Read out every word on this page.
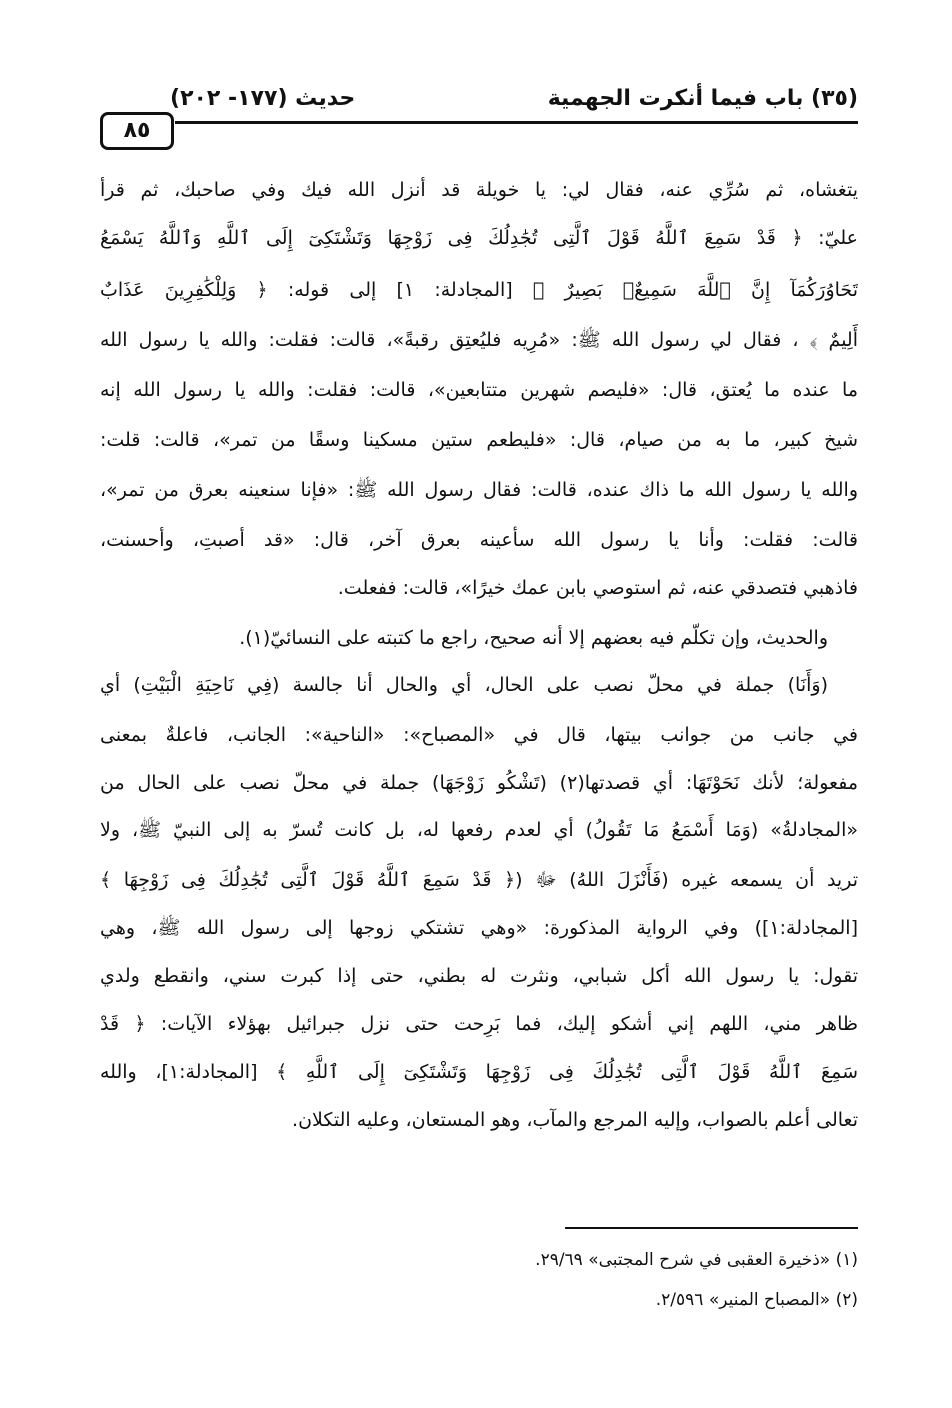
(٣٥) باب فيما أنكرت الجهمية
حديث (١٧٧- ٢٠٢)
٨٥
يتغشاه، ثم سُرِّي عنه، فقال لي: يا خويلة قد أنزل الله فيك وفي صاحبك، ثم قرأ
عليّ: ﴿ قَدْ سَمِعَ ٱللَّهُ قَوْلَ ٱلَّتِى تُجَٰدِلُكَ فِى زَوْجِهَا وَتَشْتَكِىٓ إِلَى ٱللَّهِ وَٱللَّهُ يَسْمَعُ
تَحَاوُرَكُمَآ إِنَّ ٱللَّهَ سَمِيعٌۢ بَصِيرٌ ﴾ [المجادلة: ١] إلى قوله: ﴿ وَلِلْكَٰفِرِينَ عَذَابٌ
أَلِيمٌ ﴾ ، فقال لي رسول الله ﷺ: «مُرِيه فليُعتِق رقبةً»، قالت: فقلت: والله يا رسول الله
ما عنده ما يُعتق، قال: «فليصم شهرين متتابعين»، قالت: فقلت: والله يا رسول الله إنه
شيخ كبير، ما به من صيام، قال: «فليطعم ستين مسكينا وسقًا من تمر»، قالت: قلت:
والله يا رسول الله ما ذاك عنده، قالت: فقال رسول الله ﷺ: «فإنا سنعينه بعرق من تمر»،
قالت: فقلت: وأنا يا رسول الله سأعينه بعرق آخر، قال: «قد أصبتِ، وأحسنت،
فاذهبي فتصدقي عنه، ثم استوصي بابن عمك خيرًا»، قالت: ففعلت.
والحديث، وإن تكلّم فيه بعضهم إلا أنه صحيح، راجع ما كتبته على النسائيّ(١).
(وَأَنَا) جملة في محلّ نصب على الحال، أي والحال أنا جالسة (فِي نَاحِيَةِ الْبَيْتِ) أي
في جانب من جوانب بيتها، قال في «المصباح»: «الناحية»: الجانب، فاعلةٌ بمعنى
مفعولة؛ لأنك نَحَوْتَهَا: أي قصدتها(٢) (تَشْكُو زَوْجَهَا) جملة في محلّ نصب على الحال من
«المجادلةُ» (وَمَا أَسْمَعُ مَا تَقُولُ) أي لعدم رفعها له، بل كانت تُسرّ به إلى النبيّ ﷺ، ولا
تريد أن يسمعه غيره (فَأَنْزَلَ اللهُ) ﷻ (﴿ قَدْ سَمِعَ ٱللَّهُ قَوْلَ ٱلَّتِى تُجَٰدِلُكَ فِى زَوْجِهَا ﴾
[المجادلة:١]) وفي الرواية المذكورة: «وهي تشتكي زوجها إلى رسول الله ﷺ، وهي
تقول: يا رسول الله أكل شبابي، ونثرت له بطني، حتى إذا كبرت سني، وانقطع ولدي
ظاهر مني، اللهم إني أشكو إليك، فما بَرِحت حتى نزل جبرائيل بهؤلاء الآيات: ﴿ قَدْ
سَمِعَ ٱللَّهُ قَوْلَ ٱلَّتِى تُجَٰدِلُكَ فِى زَوْجِهَا وَتَشْتَكِىٓ إِلَى ٱللَّهِ ﴾ [المجادلة:١]، والله
تعالى أعلم بالصواب، وإليه المرجع والمآب، وهو المستعان، وعليه التكلان.
(١) «ذخيرة العقبى في شرح المجتبى» ٢٩/٦٩.
(٢) «المصباح المنير» ٢/٥٩٦.
